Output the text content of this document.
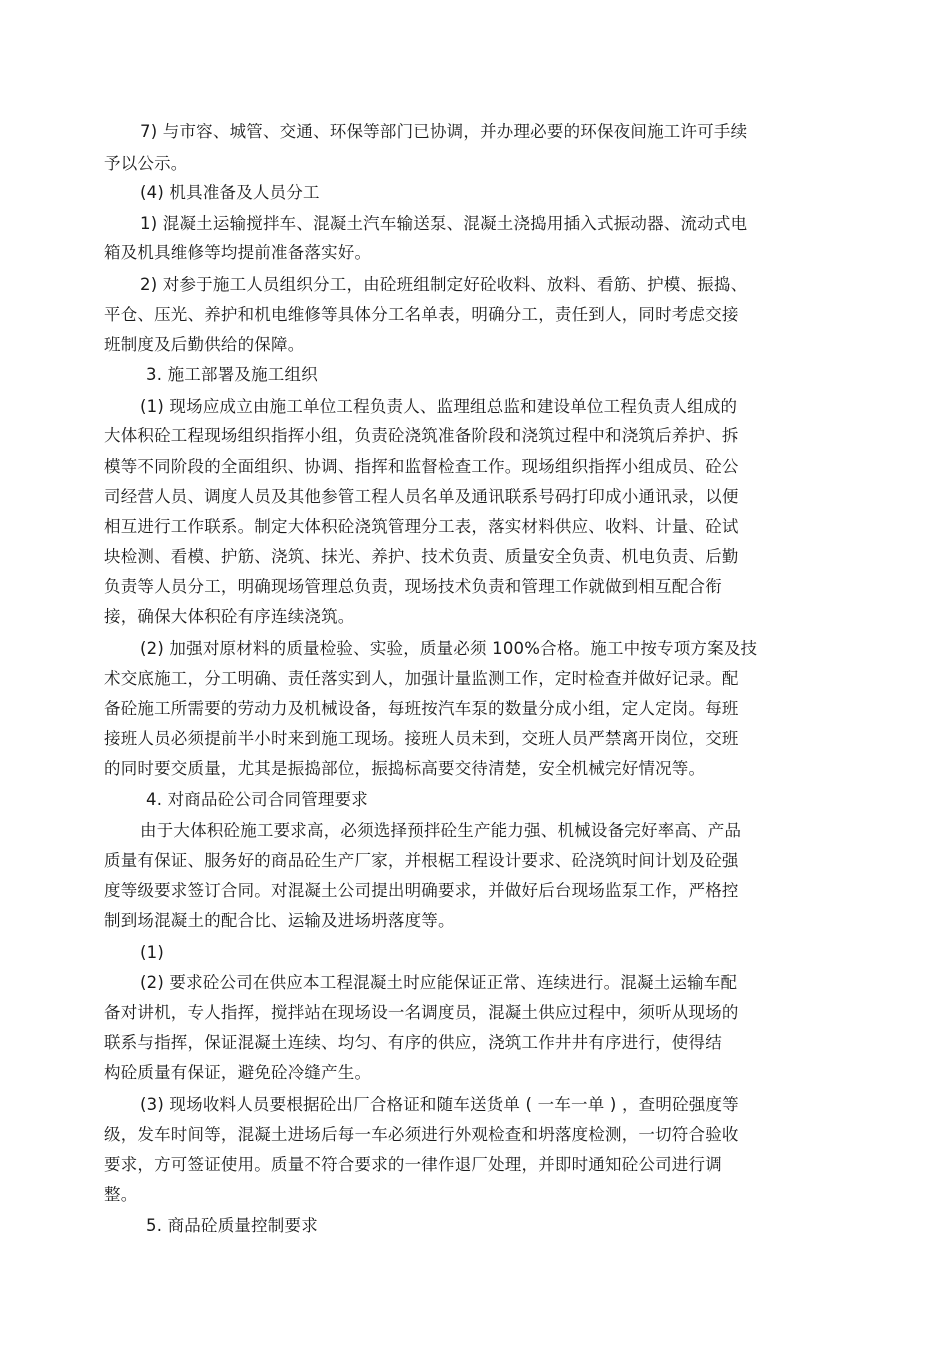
7) 与市容、城管、交通、环保等部门已协调，并办理必要的环保夜间施工许可手续
予以公示。
(4) 机具准备及人员分工
1) 混凝土运输搅拌车、混凝土汽车输送泵、混凝土浇捣用插入式振动器、流动式电
箱及机具维修等均提前准备落实好。
2) 对参于施工人员组织分工，由砼班组制定好砼收料、放料、看筋、护模、振捣、
平仓、压光、养护和机电维修等具体分工名单表，明确分工，责任到人，同时考虑交接
班制度及后勤供给的保障。
3. 施工部署及施工组织
(1) 现场应成立由施工单位工程负责人、监理组总监和建设单位工程负责人组成的
大体积砼工程现场组织指挥小组，负责砼浇筑准备阶段和浇筑过程中和浇筑后养护、拆
模等不同阶段的全面组织、协调、指挥和监督检查工作。现场组织指挥小组成员、砼公
司经营人员、调度人员及其他参管工程人员名单及通讯联系号码打印成小通讯录，以便
相互进行工作联系。制定大体积砼浇筑管理分工表，落实材料供应、收料、计量、砼试
块检测、看模、护筋、浇筑、抹光、养护、技术负责、质量安全负责、机电负责、后勤
负责等人员分工，明确现场管理总负责，现场技术负责和管理工作就做到相互配合衔
接，确保大体积砼有序连续浇筑。
(2) 加强对原材料的质量检验、实验，质量必须 100%合格。施工中按专项方案及技
术交底施工，分工明确、责任落实到人，加强计量监测工作，定时检查并做好记录。配
备砼施工所需要的劳动力及机械设备，每班按汽车泵的数量分成小组，定人定岗。每班
接班人员必须提前半小时来到施工现场。接班人员未到，交班人员严禁离开岗位，交班
的同时要交质量，尤其是振捣部位，振捣标高要交待清楚，安全机械完好情况等。
4. 对商品砼公司合同管理要求
由于大体积砼施工要求高，必须选择预拌砼生产能力强、机械设备完好率高、产品
质量有保证、服务好的商品砼生产厂家，并根椐工程设计要求、砼浇筑时间计划及砼强
度等级要求签订合同。对混凝土公司提出明确要求，并做好后台现场监泵工作，严格控
制到场混凝土的配合比、运输及进场坍落度等。
(1)
(2) 要求砼公司在供应本工程混凝土时应能保证正常、连续进行。混凝土运输车配
备对讲机，专人指挥，搅拌站在现场设一名调度员，混凝土供应过程中，须听从现场的
联系与指挥，保证混凝土连续、均匀、有序的供应，浇筑工作井井有序进行，使得结
构砼质量有保证，避免砼冷缝产生。
(3) 现场收料人员要根据砼出厂合格证和随车送货单 ( 一车一单 ) ，查明砼强度等
级，发车时间等，混凝土进场后每一车必须进行外观检查和坍落度检测，一切符合验收
要求，方可签证使用。质量不符合要求的一律作退厂处理，并即时通知砼公司进行调
整。
5. 商品砼质量控制要求
